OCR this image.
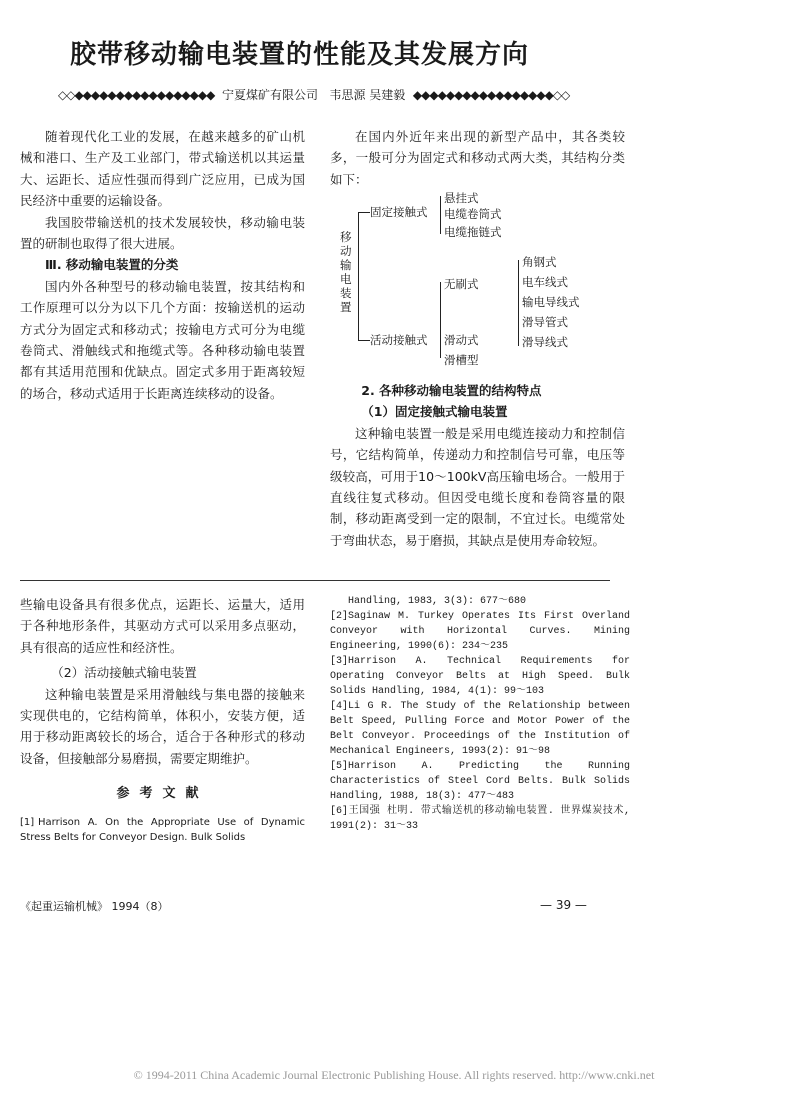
胶带移动输电装置的性能及其发展方向
◇◇◆◆◆◆◆◆◆◆◆◆◆◆◆◆◆◆◆ 宁夏煤矿有限公司 韦思源 吴建毅 ◆◆◆◆◆◆◆◆◆◆◆◆◆◆◆◆◆◇◇

随着现代化工业的发展，在越来越多的矿山机械和港口、生产及工业部门，带式输送机以其运量大、运距长、适应性强而得到广泛应用，已成为国民经济中重要的运输设备。

我国胶带输送机的技术发展较快，移动输电装置的研制也取得了很大进展。

Ⅲ. 移动输电装置的分类

国内外各种型号的移动输电装置，按其结构和工作原理可以分为以下几个方面：按输送机的运动方式分为固定式和移动式；按输电方式可分为电缆卷筒式、滑触线式和拖缆式等。各种移动输电装置都有其适用范围和优缺点。固定式多用于距离较短的场合，移动式适用于长距离连续移动的设备。

在国内外近年来出现的新型产品中，其各类较多，一般可分为固定式和移动式两大类，其结构分类如下：

移动输电装置
固定接触式
悬挂式
电缆卷筒式
电缆拖链式
活动接触式
无刷式
角钢式
电车线式
输电导线式
滑导管式
滑导线式
滑动式
滑槽型
2. 各种移动输电装置的结构特点
（1）固定接触式输电装置

这种输电装置一般是采用电缆连接动力和控制信号，它结构简单，传递动力和控制信号可靠，电压等级较高，可用于10～100kV高压输电场合。一般用于直线往复式移动。但因受电缆长度和卷筒容量的限制，移动距离受到一定的限制，不宜过长。电缆常处于弯曲状态，易于磨损，其缺点是使用寿命较短。

些输电设备具有很多优点，运距长、运量大，适用于各种地形条件，其驱动方式可以采用多点驱动，具有很高的适应性和经济性。

（2）活动接触式输电装置

这种输电装置是采用滑触线与集电器的接触来实现供电的，它结构简单，体积小，安装方便，适用于移动距离较长的场合，适合于各种形式的移动设备，但接触部分易磨损，需要定期维护。

参考文献

[1] Harrison A. On the Appropriate Use of Dynamic Stress Belts for Conveyor Design. Bulk Solids

Handling, 1983, 3(3): 677～680

[2]Saginaw M. Turkey Operates Its First Overland Conveyor with Horizontal Curves. Mining Engineering, 1990(6): 234～235

[3]Harrison A. Technical Requirements for Operating Conveyor Belts at High Speed. Bulk Solids Handling, 1984, 4(1): 99～103

[4]Li G R. The Study of the Relationship between Belt Speed, Pulling Force and Motor Power of the Belt Conveyor. Proceedings of the Institution of Mechanical Engineers, 1993(2): 91～98

[5]Harrison A. Predicting the Running Characteristics of Steel Cord Belts. Bulk Solids Handling, 1988, 18(3): 477～483

[6]王国强 杜明. 带式输送机的移动输电装置. 世界煤炭技术, 1991(2): 31～33

《起重运输机械》 1994（8）	— 39 —
© 1994-2011 China Academic Journal Electronic Publishing House. All rights reserved. http://www.cnki.net
